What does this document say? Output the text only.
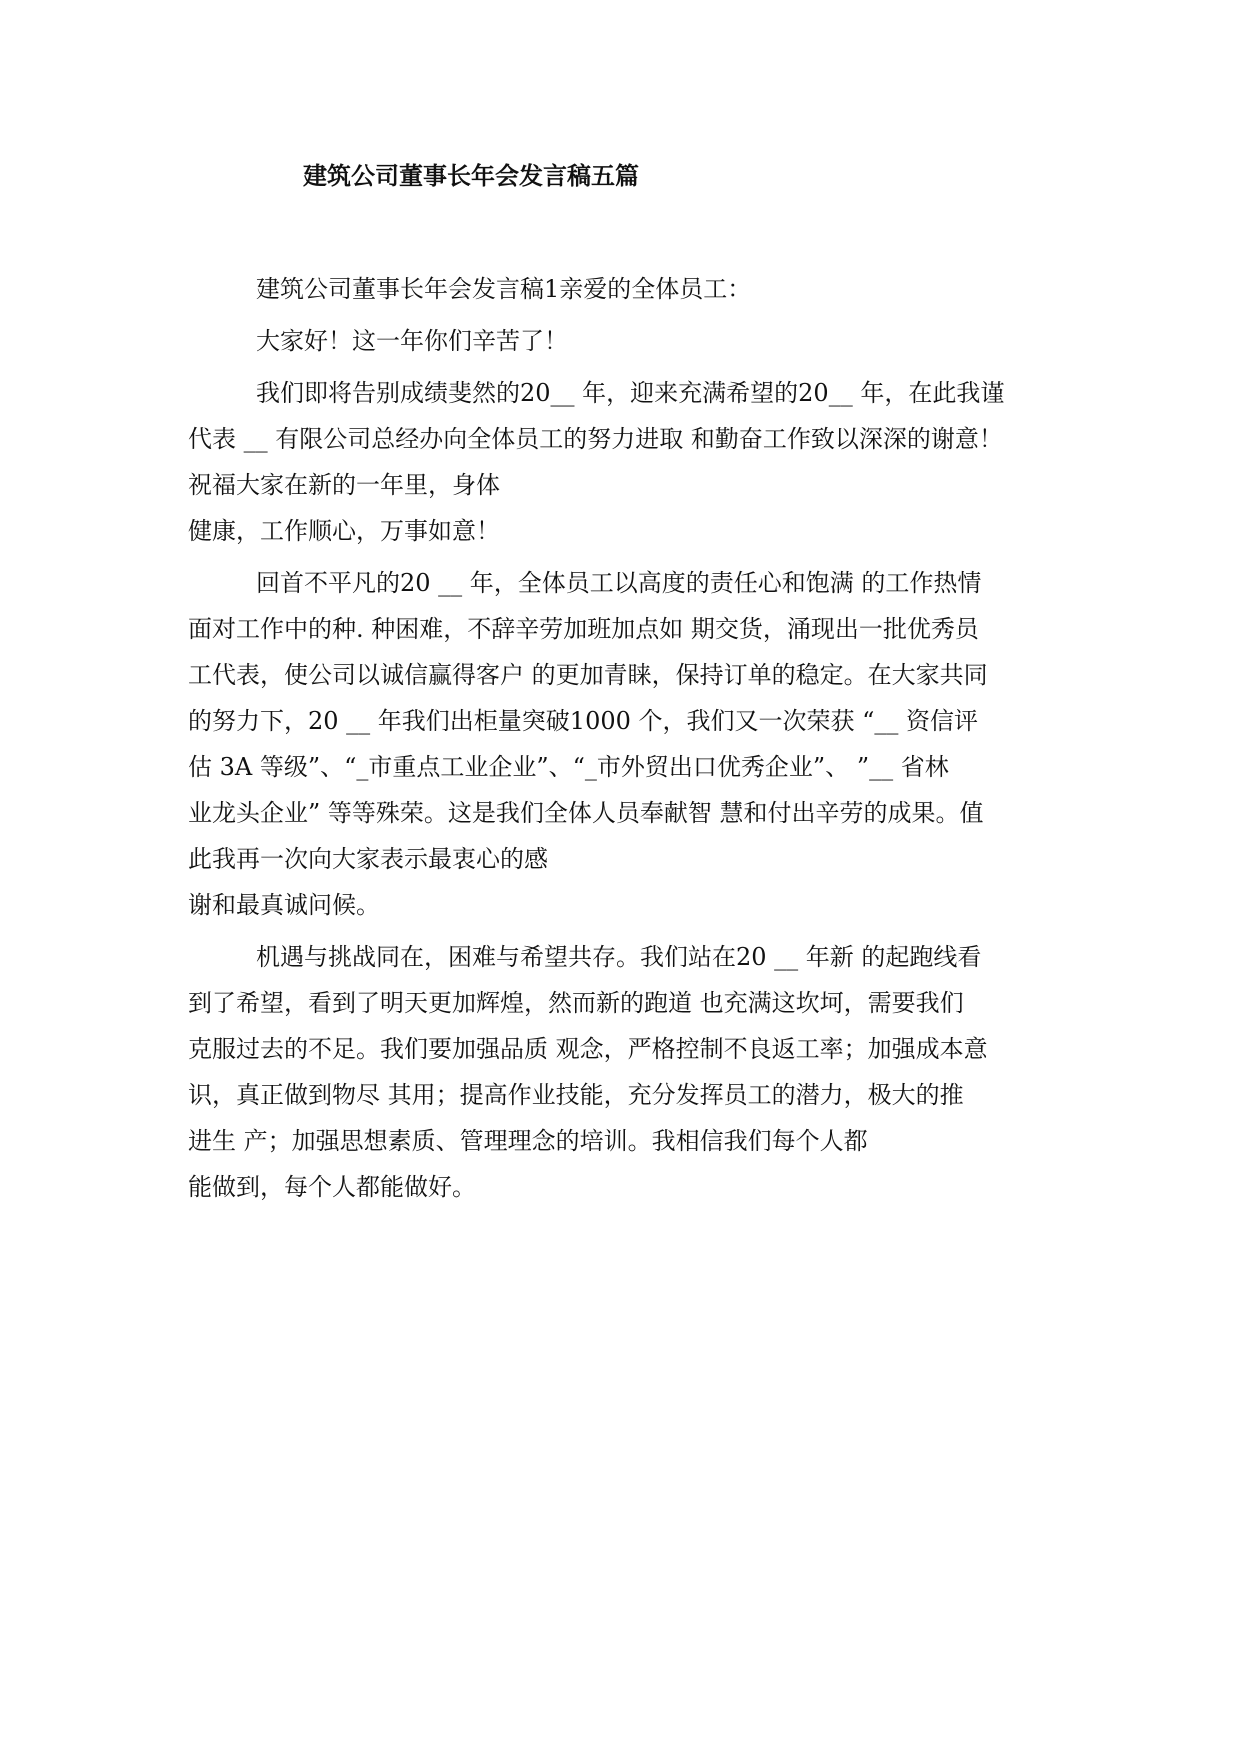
建筑公司董事长年会发言稿五篇

建筑公司董事长年会发言稿1亲爱的全体员工：

大家好！这一年你们辛苦了！

我们即将告别成绩斐然的20__ 年，迎来充满希望的20__ 年，在此我谨
代表 __ 有限公司总经办向全体员工的努力进取 和勤奋工作致以深深的谢意！
祝福大家在新的一年里，身体
健康，工作顺心，万事如意！

回首不平凡的20 __ 年，全体员工以高度的责任心和饱满 的工作热情
面对工作中的种. 种困难，不辞辛劳加班加点如 期交货，涌现出一批优秀员
工代表，使公司以诚信赢得客户 的更加青睐，保持订单的稳定。在大家共同
的努力下，20 __ 年我们出柜量突破1000 个，我们又一次荣获 “__ 资信评
估 3A 等级”、“_市重点工业企业”、“_市外贸出口优秀企业”、 ”__ 省林
业龙头企业” 等等殊荣。这是我们全体人员奉献智 慧和付出辛劳的成果。值
此我再一次向大家表示最衷心的感
谢和最真诚问候。

机遇与挑战同在，困难与希望共存。我们站在20 __ 年新 的起跑线看
到了希望，看到了明天更加辉煌，然而新的跑道 也充满这坎坷，需要我们
克服过去的不足。我们要加强品质 观念，严格控制不良返工率；加强成本意
识，真正做到物尽 其用；提高作业技能，充分发挥员工的潜力，极大的推
进生 产；加强思想素质、管理理念的培训。我相信我们每个人都
能做到，每个人都能做好。
